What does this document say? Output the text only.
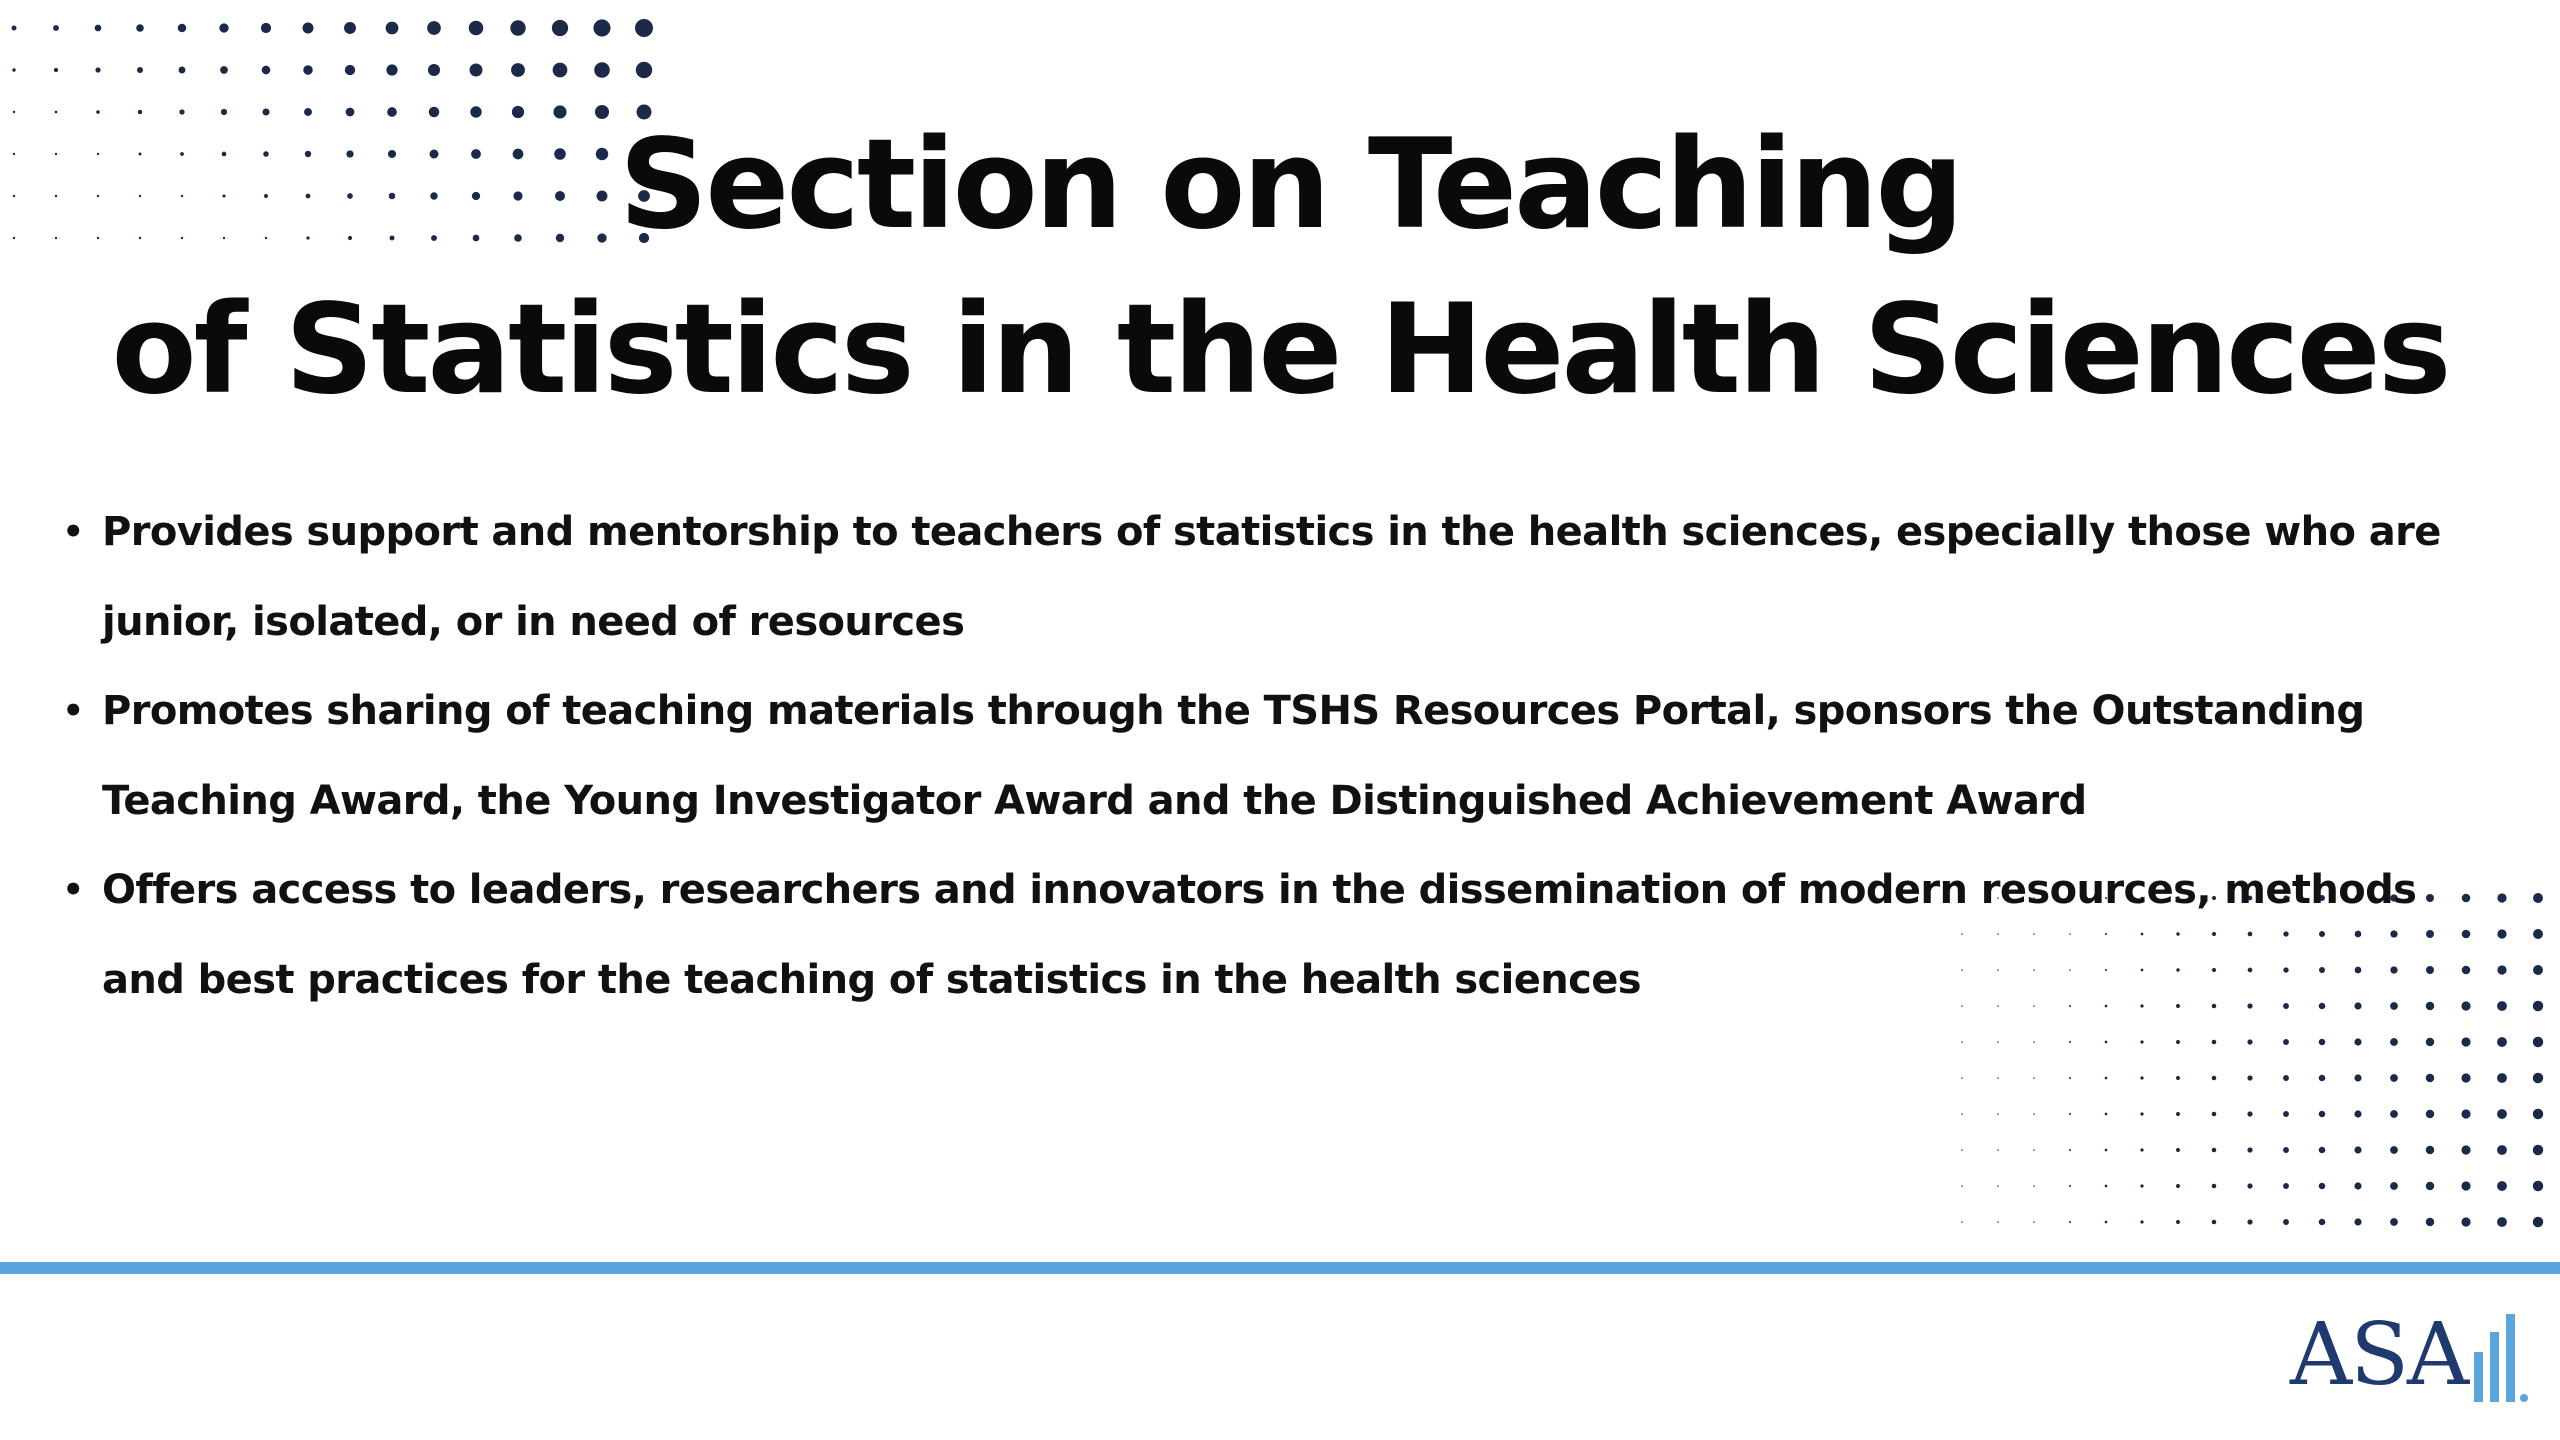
Section on Teaching
of Statistics in the Health Sciences
• Provides support and mentorship to teachers of statistics in the health sciences, especially those who are junior, isolated, or in need of resources
• Promotes sharing of teaching materials through the TSHS Resources Portal, sponsors the Outstanding Teaching Award, the Young Investigator Award and the Distinguished Achievement Award
• Offers access to leaders, researchers and innovators in the dissemination of modern resources, methods and best practices for the teaching of statistics in the health sciences
ASA
